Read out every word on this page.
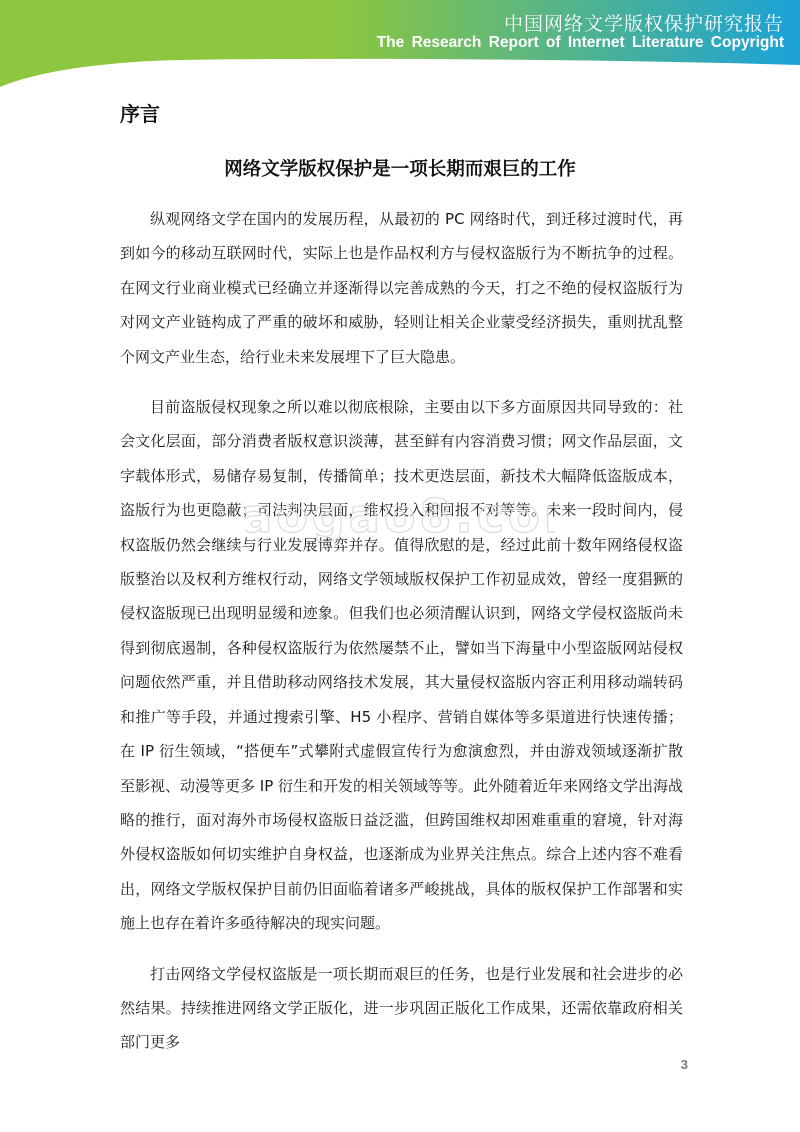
中国网络文学版权保护研究报告
The Research Report of Internet Literature Copyright
序言
网络文学版权保护是一项长期而艰巨的工作

纵观网络文学在国内的发展历程，从最初的 PC 网络时代，到迁移过渡时代，再到如今的移动互联网时代，实际上也是作品权利方与侵权盗版行为不断抗争的过程。在网文行业商业模式已经确立并逐渐得以完善成熟的今天，打之不绝的侵权盗版行为对网文产业链构成了严重的破坏和威胁，轻则让相关企业蒙受经济损失，重则扰乱整个网文产业生态，给行业未来发展埋下了巨大隐患。

目前盗版侵权现象之所以难以彻底根除，主要由以下多方面原因共同导致的：社会文化层面，部分消费者版权意识淡薄，甚至鲜有内容消费习惯；网文作品层面，文字载体形式，易储存易复制，传播简单；技术更迭层面，新技术大幅降低盗版成本，盗版行为也更隐蔽；司法判决层面，维权投入和回报不对等等。未来一段时间内，侵权盗版仍然会继续与行业发展博弈并存。值得欣慰的是，经过此前十数年网络侵权盗版整治以及权利方维权行动，网络文学领域版权保护工作初显成效，曾经一度猖獗的侵权盗版现已出现明显缓和迹象。但我们也必须清醒认识到，网络文学侵权盗版尚未得到彻底遏制，各种侵权盗版行为依然屡禁不止，譬如当下海量中小型盗版网站侵权问题依然严重，并且借助移动网络技术发展，其大量侵权盗版内容正利用移动端转码和推广等手段，并通过搜索引擎、H5 小程序、营销自媒体等多渠道进行快速传播；在 IP 衍生领域，“搭便车”式攀附式虚假宣传行为愈演愈烈，并由游戏领域逐渐扩散至影视、动漫等更多 IP 衍生和开发的相关领域等等。此外随着近年来网络文学出海战略的推行，面对海外市场侵权盗版日益泛滥，但跨国维权却困难重重的窘境，针对海外侵权盗版如何切实维护自身权益，也逐渐成为业界关注焦点。综合上述内容不难看出，网络文学版权保护目前仍旧面临着诸多严峻挑战，具体的版权保护工作部署和实施上也存在着许多亟待解决的现实问题。

打击网络文学侵权盗版是一项长期而艰巨的任务，也是行业发展和社会进步的必然结果。持续推进网络文学正版化，进一步巩固正版化工作成果，还需依靠政府相关部门更多

aogao8.co
3
